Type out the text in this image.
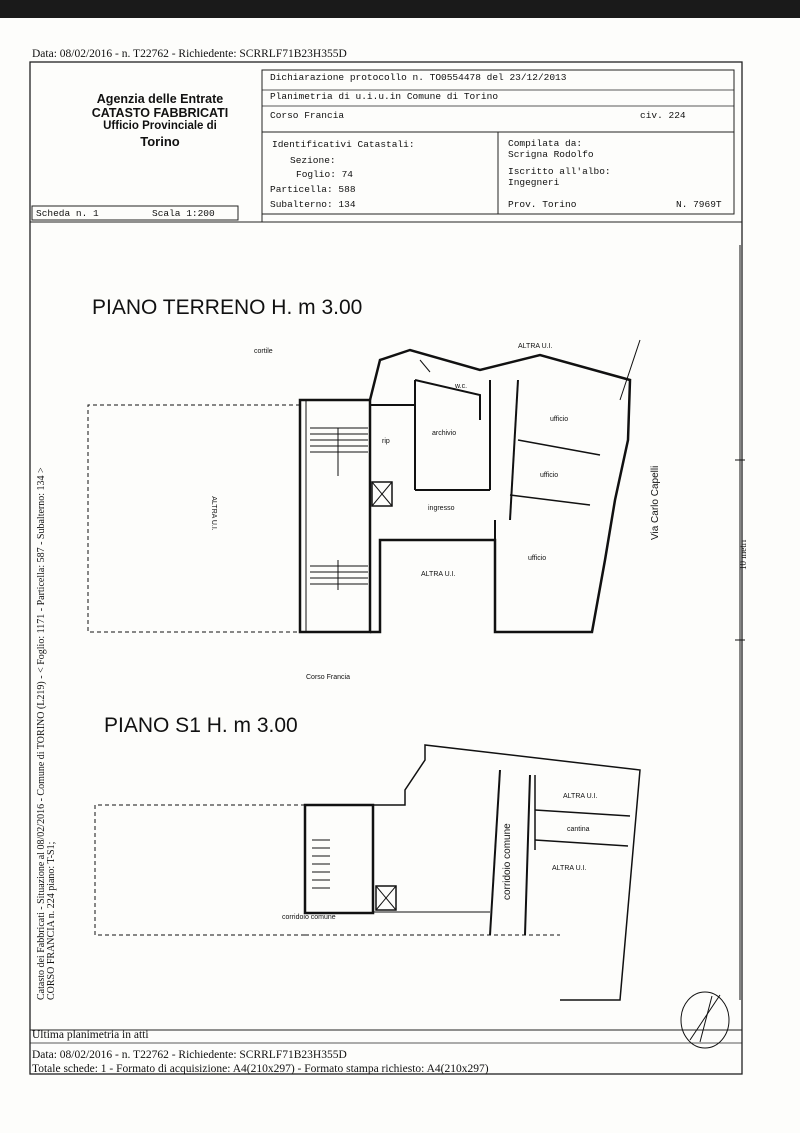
Data: 08/02/2016 - n. T22762 - Richiedente: SCRRLF71B23H355D
Agenzia delle Entrate
CATASTO FABBRICATI
Ufficio Provinciale di
Torino
Dichiarazione protocollo n. TO0554478 del 23/12/2013
Planimetria di u.i.u.in Comune di Torino
Corso Francia	civ. 224
Identificativi Catastali:
Sezione:
Foglio: 74
Particella: 588
Subalterno: 134
Compilata da:
Scrigna Rodolfo
Iscritto all'albo:
Ingegneri
Prov. Torino	N. 7969T
Scheda n. 1	Scala 1:200
Catasto dei Fabbricati - Situazione al 08/02/2016 - Comune di TORINO (L219) - < Foglio: 1171 - Particella: 587 - Subalterno: 134 > CORSO FRANCIA n. 224 piano: T-S1;
10 metri
PIANO TERRENO H. m 3.00
PIANO S1 H. m 3.00
cortile
ALTRA U.I.
w.c.
ufficio
rip
archivio
ufficio
ingresso
ALTRA U.I.
ALTRA U.I.
ufficio
Via Carlo Capelli
Corso Francia
ALTRA U.I.
cantina
ALTRA U.I.
corridoio comune
corridoio comune
Ultima planimetria in atti
Data: 08/02/2016 - n. T22762 - Richiedente: SCRRLF71B23H355D
Totale schede: 1 - Formato di acquisizione: A4(210x297) - Formato stampa richiesto: A4(210x297)
